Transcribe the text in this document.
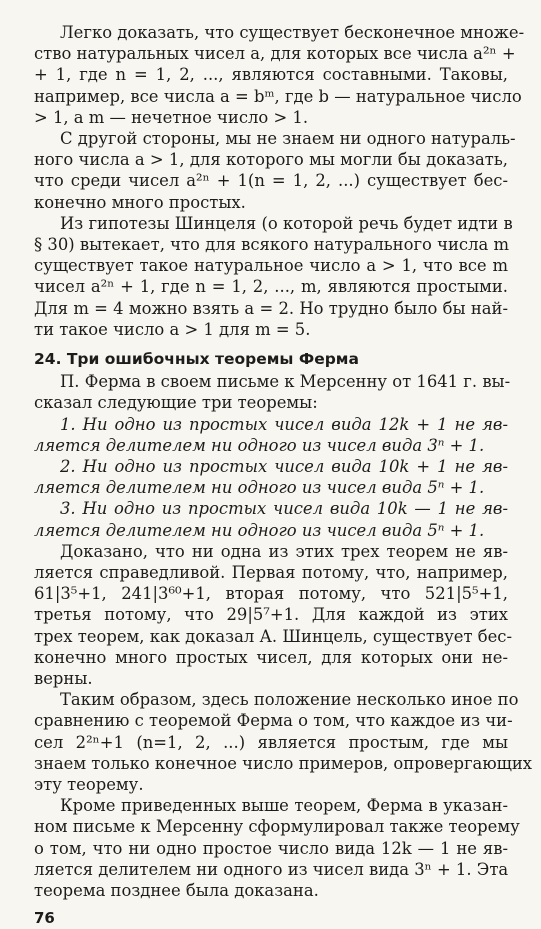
Легко доказать, что существует бесконечное множе-
ство натуральных чисел a, для которых все числа a²ⁿ +
+ 1, где n = 1, 2, ..., являются составными. Таковы,
например, все числа a = bᵐ, где b — натуральное число
> 1, а m — нечетное число > 1.
С другой стороны, мы не знаем ни одного натураль-
ного числа a > 1, для которого мы могли бы доказать,
что среди чисел a²ⁿ + 1(n = 1, 2, ...) существует бес-
конечно много простых.
Из гипотезы Шинцеля (о которой речь будет идти в
§ 30) вытекает, что для всякого натурального числа m
существует такое натуральное число a > 1, что все m
чисел a²ⁿ + 1, где n = 1, 2, ..., m, являются простыми.
Для m = 4 можно взять a = 2. Но трудно было бы най-
ти такое число a > 1 для m = 5.
24. Три ошибочных теоремы Ферма
П. Ферма в своем письме к Мерсенну от 1641 г. вы-
сказал следующие три теоремы:
1. Ни одно из простых чисел вида 12k + 1 не яв-
ляется делителем ни одного из чисел вида 3ⁿ + 1.
2. Ни одно из простых чисел вида 10k + 1 не яв-
ляется делителем ни одного из чисел вида 5ⁿ + 1.
3. Ни одно из простых чисел вида 10k — 1 не яв-
ляется делителем ни одного из чисел вида 5ⁿ + 1.
Доказано, что ни одна из этих трех теорем не яв-
ляется справедливой. Первая потому, что, например,
61|3⁵+1, 241|3⁶⁰+1, вторая потому, что 521|5⁵+1,
третья потому, что 29|5⁷+1. Для каждой из этих
трех теорем, как доказал А. Шинцель, существует бес-
конечно много простых чисел, для которых они не-
верны.
Таким образом, здесь положение несколько иное по
сравнению с теоремой Ферма о том, что каждое из чи-
сел 2²ⁿ+1 (n=1, 2, ...) является простым, где мы
знаем только конечное число примеров, опровергающих
эту теорему.
Кроме приведенных выше теорем, Ферма в указан-
ном письме к Мерсенну сформулировал также теорему
о том, что ни одно простое число вида 12k — 1 не яв-
ляется делителем ни одного из чисел вида 3ⁿ + 1. Эта
теорема позднее была доказана.
76
